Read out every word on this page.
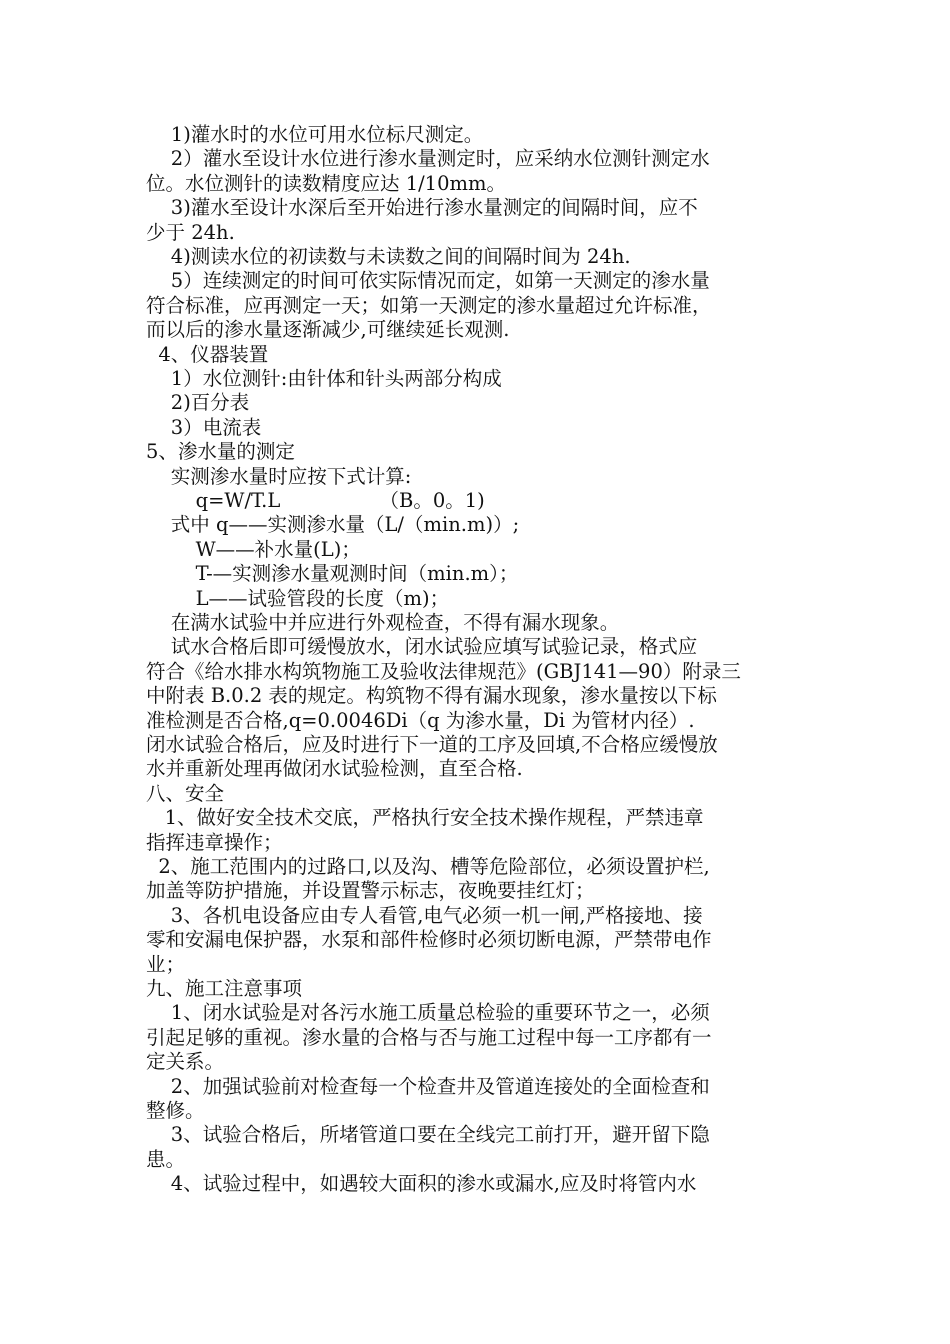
1)灌水时的水位可用水位标尺测定。
2）灌水至设计水位进行渗水量测定时，应采纳水位测针测定水
位。水位测针的读数精度应达 1/10mm。
3)灌水至设计水深后至开始进行渗水量测定的间隔时间，应不
少于 24h.
4)测读水位的初读数与未读数之间的间隔时间为 24h.
5）连续测定的时间可依实际情况而定，如第一天测定的渗水量
符合标准，应再测定一天；如第一天测定的渗水量超过允许标准，
而以后的渗水量逐渐减少,可继续延长观测.
4、仪器装置
1）水位测针:由针体和针头两部分构成
2)百分表
3）电流表
5、渗水量的测定
实测渗水量时应按下式计算:
q=W/T.L                （B。0。1)
式中 q——实测渗水量（L/（min.m)）;
W——补水量(L)；
T-—实测渗水量观测时间（min.m）；
L——试验管段的长度（m)；
在满水试验中并应进行外观检查，不得有漏水现象。
试水合格后即可缓慢放水，闭水试验应填写试验记录，格式应
符合《给水排水构筑物施工及验收法律规范》(GBJ141—90）附录三
中附表 B.0.2 表的规定。构筑物不得有漏水现象，渗水量按以下标
准检测是否合格,q=0.0046Di（q 为渗水量，Di 为管材内径）.
闭水试验合格后，应及时进行下一道的工序及回填,不合格应缓慢放
水并重新处理再做闭水试验检测，直至合格.
八、安全
1、做好安全技术交底，严格执行安全技术操作规程，严禁违章
指挥违章操作；
2、施工范围内的过路口,以及沟、槽等危险部位，必须设置护栏,
加盖等防护措施，并设置警示标志，夜晚要挂红灯；
3、各机电设备应由专人看管,电气必须一机一闸,严格接地、接
零和安漏电保护器，水泵和部件检修时必须切断电源，严禁带电作
业；
九、施工注意事项
1、闭水试验是对各污水施工质量总检验的重要环节之一，必须
引起足够的重视。渗水量的合格与否与施工过程中每一工序都有一
定关系。
2、加强试验前对检查每一个检查井及管道连接处的全面检查和
整修。
3、试验合格后，所堵管道口要在全线完工前打开，避开留下隐
患。
4、试验过程中，如遇较大面积的渗水或漏水,应及时将管内水
